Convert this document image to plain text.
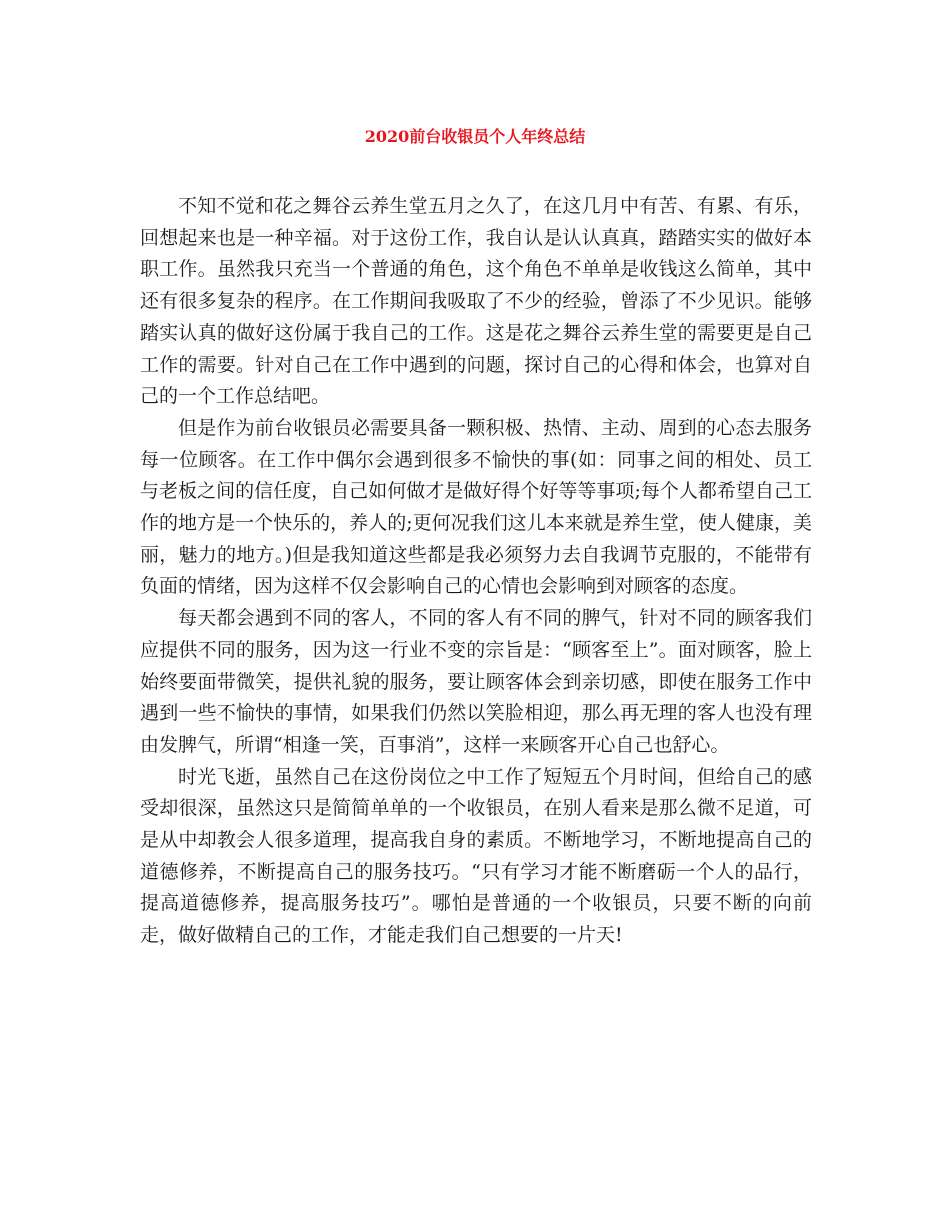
2020前台收银员个人年终总结

不知不觉和花之舞谷云养生堂五月之久了，在这几月中有苦、有累、有乐，回想起来也是一种辛福。对于这份工作，我自认是认认真真，踏踏实实的做好本职工作。虽然我只充当一个普通的角色，这个角色不单单是收钱这么简单，其中还有很多复杂的程序。在工作期间我吸取了不少的经验，曾添了不少见识。能够踏实认真的做好这份属于我自己的工作。这是花之舞谷云养生堂的需要更是自己工作的需要。针对自己在工作中遇到的问题，探讨自己的心得和体会，也算对自己的一个工作总结吧。

但是作为前台收银员必需要具备一颗积极、热情、主动、周到的心态去服务每一位顾客。在工作中偶尔会遇到很多不愉快的事(如：同事之间的相处、员工与老板之间的信任度，自己如何做才是做好得个好等等事项;每个人都希望自己工作的地方是一个快乐的，养人的;更何况我们这儿本来就是养生堂，使人健康，美丽，魅力的地方。)但是我知道这些都是我必须努力去自我调节克服的，不能带有负面的情绪，因为这样不仅会影响自己的心情也会影响到对顾客的态度。

每天都会遇到不同的客人，不同的客人有不同的脾气，针对不同的顾客我们应提供不同的服务，因为这一行业不变的宗旨是：“顾客至上”。面对顾客，脸上始终要面带微笑，提供礼貌的服务，要让顾客体会到亲切感，即使在服务工作中遇到一些不愉快的事情，如果我们仍然以笑脸相迎，那么再无理的客人也没有理由发脾气，所谓“相逢一笑，百事消”，这样一来顾客开心自己也舒心。

时光飞逝，虽然自己在这份岗位之中工作了短短五个月时间，但给自己的感受却很深，虽然这只是简简单单的一个收银员，在别人看来是那么微不足道，可是从中却教会人很多道理，提高我自身的素质。不断地学习，不断地提高自己的道德修养，不断提高自己的服务技巧。“只有学习才能不断磨砺一个人的品行，提高道德修养，提高服务技巧”。哪怕是普通的一个收银员，只要不断的向前走，做好做精自己的工作，才能走我们自己想要的一片天!
